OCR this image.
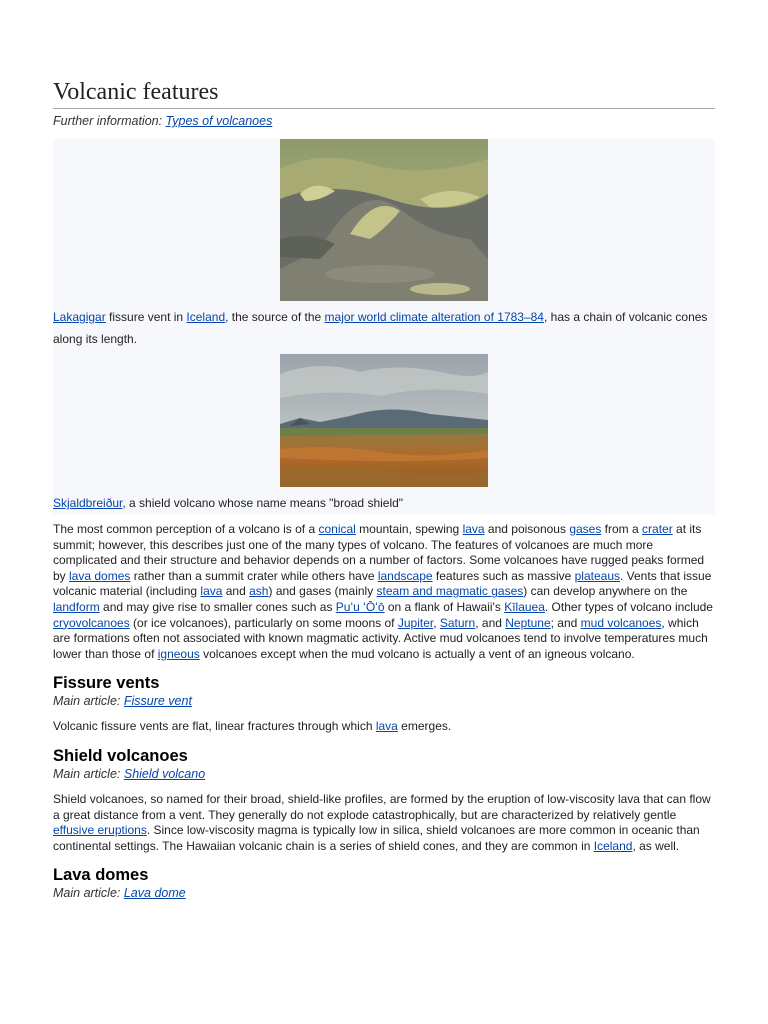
Volcanic features
Further information: Types of volcanoes
Lakagigar fissure vent in Iceland, the source of the major world climate alteration of 1783–84, has a chain of volcanic cones along its length.
Skjaldbreiður, a shield volcano whose name means "broad shield"
The most common perception of a volcano is of a conical mountain, spewing lava and poisonous gases from a crater at its summit; however, this describes just one of the many types of volcano. The features of volcanoes are much more complicated and their structure and behavior depends on a number of factors. Some volcanoes have rugged peaks formed by lava domes rather than a summit crater while others have landscape features such as massive plateaus. Vents that issue volcanic material (including lava and ash) and gases (mainly steam and magmatic gases) can develop anywhere on the landform and may give rise to smaller cones such as Puʻu ʻŌʻō on a flank of Hawaii's Kīlauea. Other types of volcano include cryovolcanoes (or ice volcanoes), particularly on some moons of Jupiter, Saturn, and Neptune; and mud volcanoes, which are formations often not associated with known magmatic activity. Active mud volcanoes tend to involve temperatures much lower than those of igneous volcanoes except when the mud volcano is actually a vent of an igneous volcano.
Fissure vents
Main article: Fissure vent

Volcanic fissure vents are flat, linear fractures through which lava emerges.

Shield volcanoes
Main article: Shield volcano

Shield volcanoes, so named for their broad, shield-like profiles, are formed by the eruption of low-viscosity lava that can flow a great distance from a vent. They generally do not explode catastrophically, but are characterized by relatively gentle effusive eruptions. Since low-viscosity magma is typically low in silica, shield volcanoes are more common in oceanic than continental settings. The Hawaiian volcanic chain is a series of shield cones, and they are common in Iceland, as well.

Lava domes
Main article: Lava dome
